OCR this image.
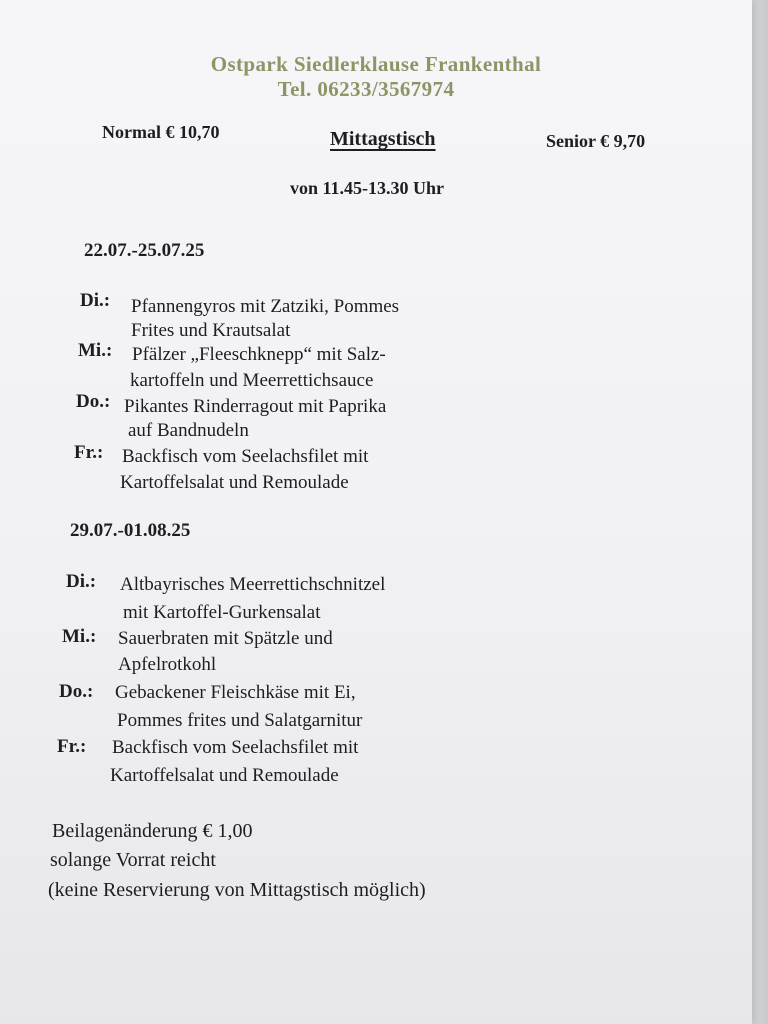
Ostpark Siedlerklause Frankenthal
Tel. 06233/3567974
Normal € 10,70	Mittagstisch	Senior € 9,70
von 11.45-13.30 Uhr
22.07.-25.07.25
Di.: Pfannengyros mit Zatziki, Pommes
Frites und Krautsalat
Mi.: Pfälzer „Fleeschknepp“ mit Salz-
kartoffeln und Meerrettichsauce
Do.: Pikantes Rinderragout mit Paprika
auf Bandnudeln
Fr.: Backfisch vom Seelachsfilet mit
Kartoffelsalat und Remoulade
29.07.-01.08.25
Di.: Altbayrisches Meerrettichschnitzel
mit Kartoffel-Gurkensalat
Mi.: Sauerbraten mit Spätzle und
Apfelrotkohl
Do.: Gebackener Fleischkäse mit Ei,
Pommes frites und Salatgarnitur
Fr.: Backfisch vom Seelachsfilet mit
Kartoffelsalat und Remoulade
Beilagenänderung € 1,00
solange Vorrat reicht
(keine Reservierung von Mittagstisch möglich)
